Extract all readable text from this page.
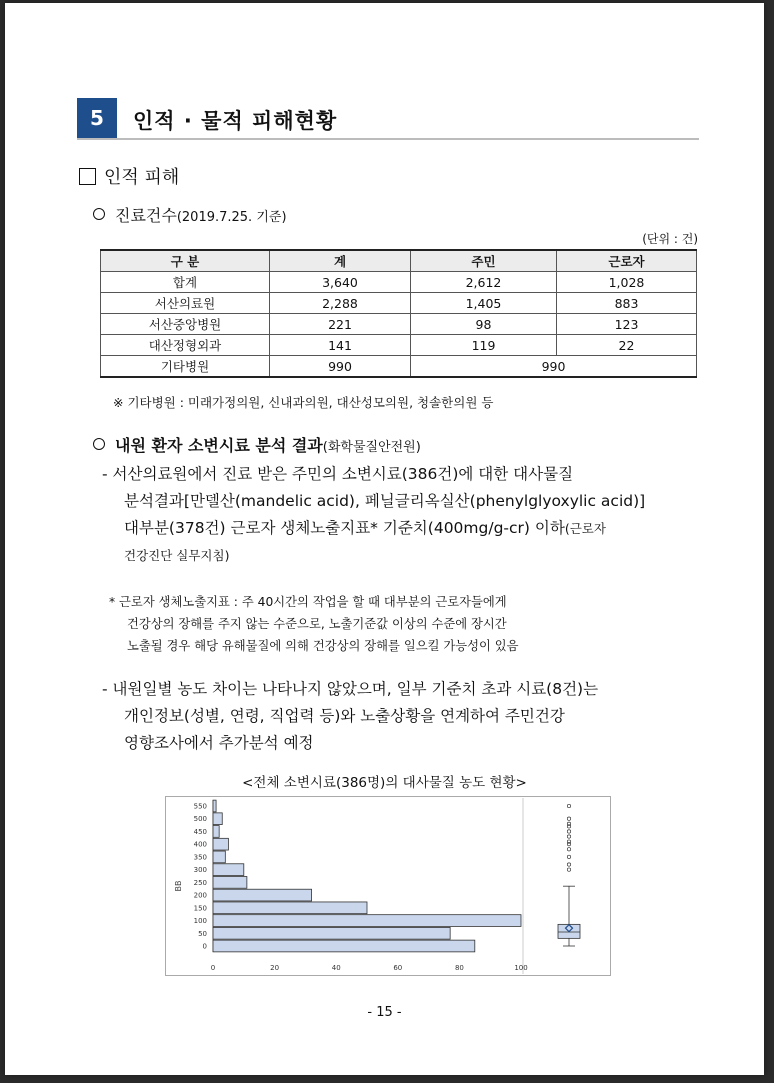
5	인적 · 물적 피해현황
인적 피해
진료건수(2019.7.25. 기준)
(단위 : 건)
구 분	계	주민	근로자
합계	3,640	2,612	1,028
서산의료원	2,288	1,405	883
서산중앙병원	221	98	123
대산정형외과	141	119	22
기타병원	990	990	
※ 기타병원 : 미래가정의원, 신내과의원, 대산성모의원, 청솔한의원 등
내원 환자 소변시료 분석 결과(화학물질안전원)
- 서산의료원에서 진료 받은 주민의 소변시료(386건)에 대한 대사물질
분석결과[만델산(mandelic acid), 페닐글리옥실산(phenylglyoxylic acid)]
대부분(378건) 근로자 생체노출지표* 기준치(400mg/g-cr) 이하(근로자
건강진단 실무지침)
* 근로자 생체노출지표 : 주 40시간의 작업을 할 때 대부분의 근로자들에게
건강상의 장해를 주지 않는 수준으로, 노출기준값 이상의 수준에 장시간
노출될 경우 해당 유해물질에 의해 건강상의 장해를 일으킬 가능성이 있음
- 내원일별 농도 차이는 나타나지 않았으며, 일부 기준치 초과 시료(8건)는
개인정보(성별, 연령, 직업력 등)와 노출상황을 연계하여 주민건강
영향조사에서 추가분석 예정
<전체 소변시료(386명)의 대사물질 농도 현황>
0
50
100
150
200
250
300
350
400
450
500
550
0	20	40	60	80	100
BB
- 15 -
